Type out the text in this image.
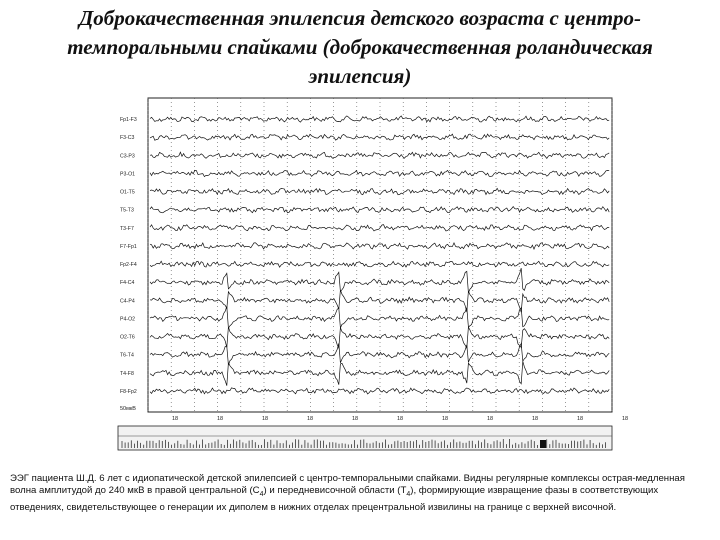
Доброкачественная эпилепсия детского возраста с центро-
темпоральными спайками (доброкачественная роландическая
эпилепсия)
Fp1-F3
F3-C3
C3-P3
P3-O1
O1-T5
T5-T3
T3-F7
F7-Fp1
Fp2-F4
F4-C4
C4-P4
P4-O2
O2-T6
T6-T4
T4-F8
F8-Fp2
50мкВ
18	18	18	18	18	18	18	18	18	18	18
ЭЭГ пациента Ш.Д. 6 лет с идиопатической детской эпилепсией с центро-темпоральными спайками. Видны регулярные комплексы острая-медленная волна амплитудой до 240 мкВ в правой центральной $(C_4)$ и передневисочной области $(T_4)$, формирующие извращение фазы в соответствующих отведениях, свидетельствующее о генерации их диполем в нижних отделах прецентральной извилины на границе с верхней височной.
